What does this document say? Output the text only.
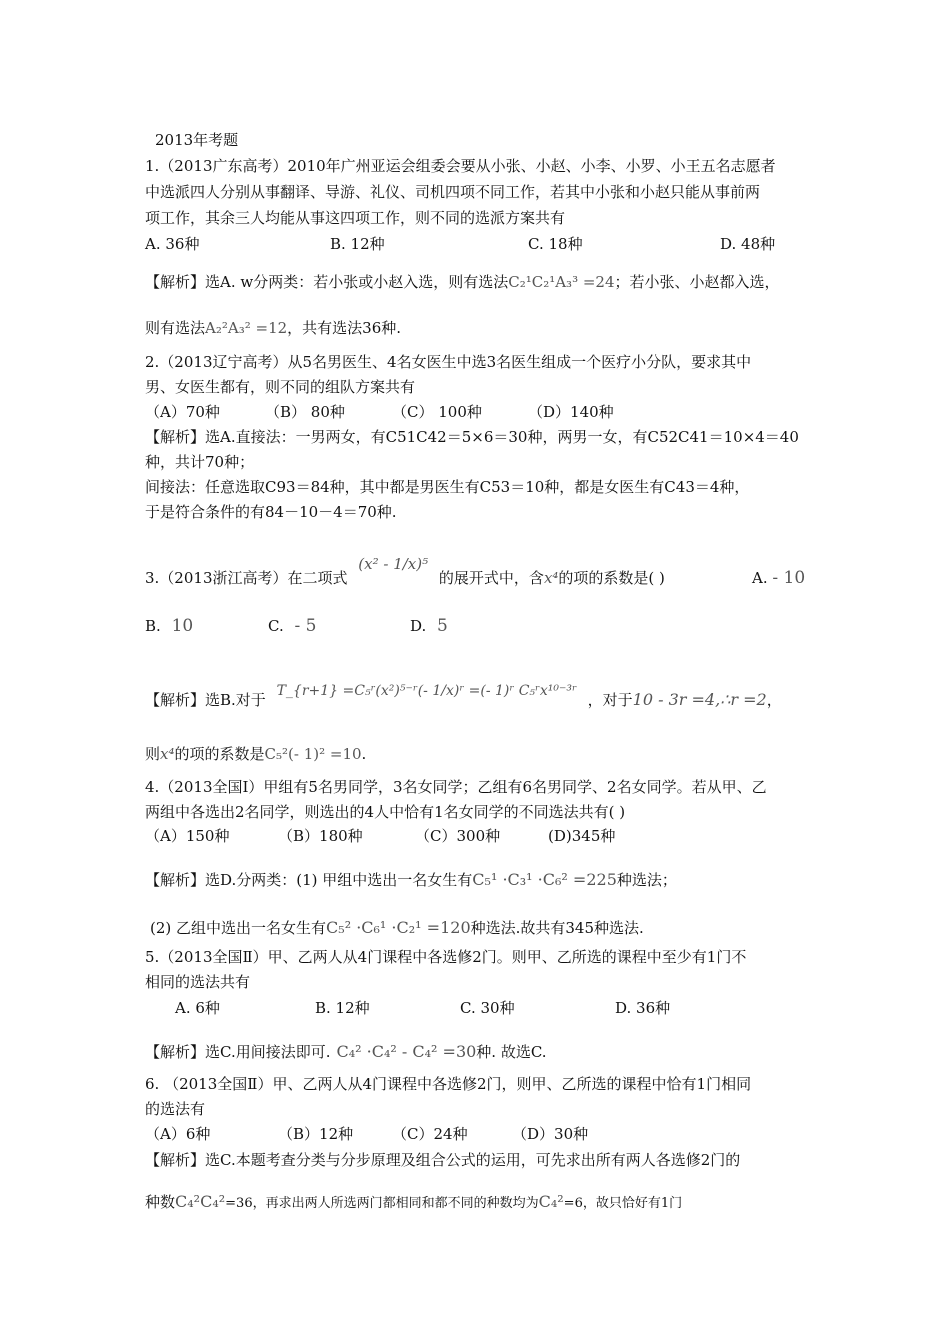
2013年考题
1.（2013广东高考）2010年广州亚运会组委会要从小张、小赵、小李、小罗、小王五名志愿者
中选派四人分别从事翻译、导游、礼仪、司机四项不同工作，若其中小张和小赵只能从事前两
项工作，其余三人均能从事这四项工作，则不同的选派方案共有
A. 36种	B. 12种	C. 18种	D. 48种
【解析】选A. w分两类：若小张或小赵入选，则有选法C₂¹C₂¹A₃³ =24；若小张、小赵都入选，
则有选法A₂²A₃² =12，共有选法36种.
2.（2013辽宁高考）从5名男医生、4名女医生中选3名医生组成一个医疗小分队，要求其中
男、女医生都有，则不同的组队方案共有
（A）70种	（B） 80种	（C） 100种	（D）140种
【解析】选A.直接法：一男两女，有C51C42＝5×6＝30种，两男一女，有C52C41＝10×4＝40
种，共计70种；
间接法：任意选取C93＝84种，其中都是男医生有C53＝10种，都是女医生有C43＝4种，
于是符合条件的有84－10－4＝70种.
3.（2013浙江高考）在二项式 (x² - 1/x)⁵ 的展开式中，含x⁴的项的系数是( )	A. - 10
B. 10	C. - 5	D. 5
【解析】选B.对于 T_{r+1} =C₅ʳ(x²)⁵⁻ʳ(- 1/x)ʳ =(- 1)ʳ C₅ʳx¹⁰⁻³ʳ ，对于10 - 3r =4,∴r =2，
则x⁴的项的系数是C₅²(- 1)² =10.
4.（2013全国Ⅰ）甲组有5名男同学，3名女同学；乙组有6名男同学、2名女同学。若从甲、乙
两组中各选出2名同学，则选出的4人中恰有1名女同学的不同选法共有( )
（A）150种	（B）180种	（C）300种	(D)345种
【解析】选D.分两类：(1) 甲组中选出一名女生有C₅¹ ·C₃¹ ·C₆² =225种选法；
(2) 乙组中选出一名女生有C₅² ·C₆¹ ·C₂¹ =120种选法.故共有345种选法.
5.（2013全国Ⅱ）甲、乙两人从4门课程中各选修2门。则甲、乙所选的课程中至少有1门不
相同的选法共有
A. 6种	B. 12种	C. 30种	D. 36种
【解析】选C.用间接法即可. C₄² ·C₄² - C₄² =30种. 故选C.
6. （2013全国Ⅱ）甲、乙两人从4门课程中各选修2门，则甲、乙所选的课程中恰有1门相同
的选法有
（A）6种	（B）12种	（C）24种	（D）30种
【解析】选C.本题考查分类与分步原理及组合公式的运用，可先求出所有两人各选修2门的
种数C₄²C₄²=36，再求出两人所选两门都相同和都不同的种数均为C₄²=6，故只恰好有1门
